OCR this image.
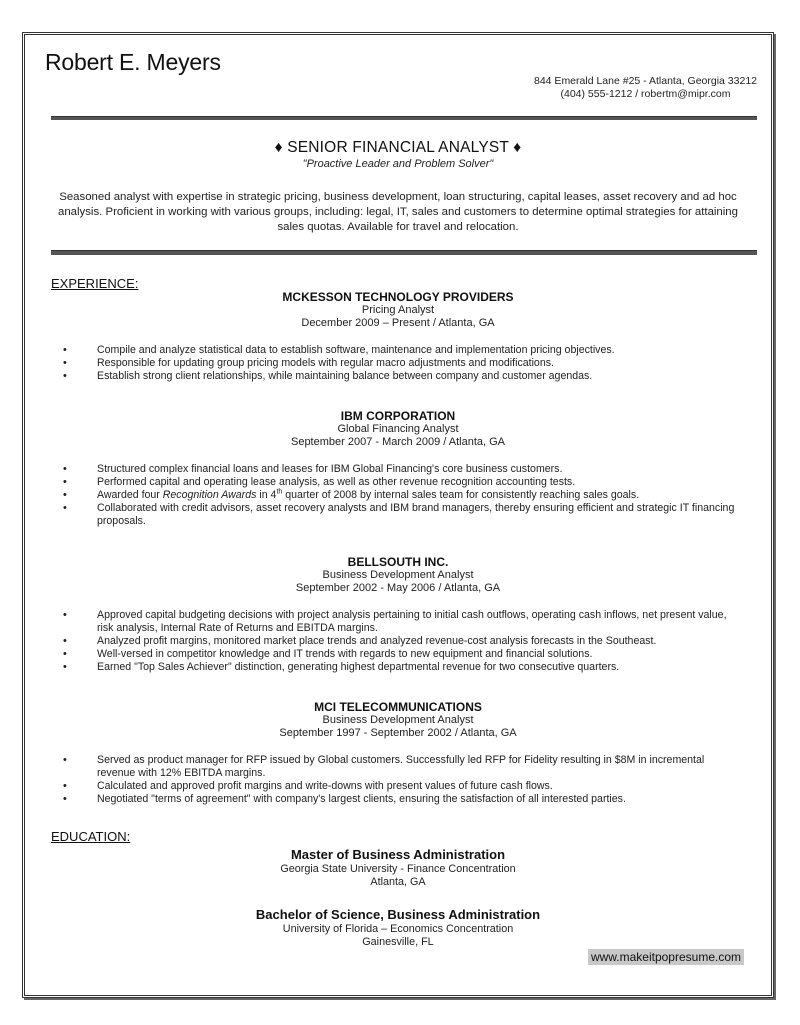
Robert E. Meyers
844 Emerald Lane #25 - Atlanta, Georgia 33212
(404) 555-1212 / robertm@mipr.com
♦ SENIOR FINANCIAL ANALYST ♦
"Proactive Leader and Problem Solver"
Seasoned analyst with expertise in strategic pricing, business development, loan structuring, capital leases, asset recovery and ad hoc analysis. Proficient in working with various groups, including: legal, IT, sales and customers to determine optimal strategies for attaining sales quotas. Available for travel and relocation.
EXPERIENCE:
MCKESSON TECHNOLOGY PROVIDERS
Pricing Analyst
December 2009 – Present / Atlanta, GA
• Compile and analyze statistical data to establish software, maintenance and implementation pricing objectives.
• Responsible for updating group pricing models with regular macro adjustments and modifications.
• Establish strong client relationships, while maintaining balance between company and customer agendas.
IBM CORPORATION
Global Financing Analyst
September 2007 - March 2009 / Atlanta, GA
• Structured complex financial loans and leases for IBM Global Financing's core business customers.
• Performed capital and operating lease analysis, as well as other revenue recognition accounting tests.
• Awarded four Recognition Awards in 4th quarter of 2008 by internal sales team for consistently reaching sales goals.
• Collaborated with credit advisors, asset recovery analysts and IBM brand managers, thereby ensuring efficient and strategic IT financing proposals.
BELLSOUTH INC.
Business Development Analyst
September 2002 - May 2006 / Atlanta, GA
• Approved capital budgeting decisions with project analysis pertaining to initial cash outflows, operating cash inflows, net present value, risk analysis, Internal Rate of Returns and EBITDA margins.
• Analyzed profit margins, monitored market place trends and analyzed revenue-cost analysis forecasts in the Southeast.
• Well-versed in competitor knowledge and IT trends with regards to new equipment and financial solutions.
• Earned "Top Sales Achiever" distinction, generating highest departmental revenue for two consecutive quarters.
MCI TELECOMMUNICATIONS
Business Development Analyst
September 1997 - September 2002 / Atlanta, GA
• Served as product manager for RFP issued by Global customers. Successfully led RFP for Fidelity resulting in $8M in incremental revenue with 12% EBITDA margins.
• Calculated and approved profit margins and write-downs with present values of future cash flows.
• Negotiated "terms of agreement" with company's largest clients, ensuring the satisfaction of all interested parties.
EDUCATION:
Master of Business Administration
Georgia State University - Finance Concentration
Atlanta, GA
Bachelor of Science, Business Administration
University of Florida – Economics Concentration
Gainesville, FL
www.makeitpopresume.com
